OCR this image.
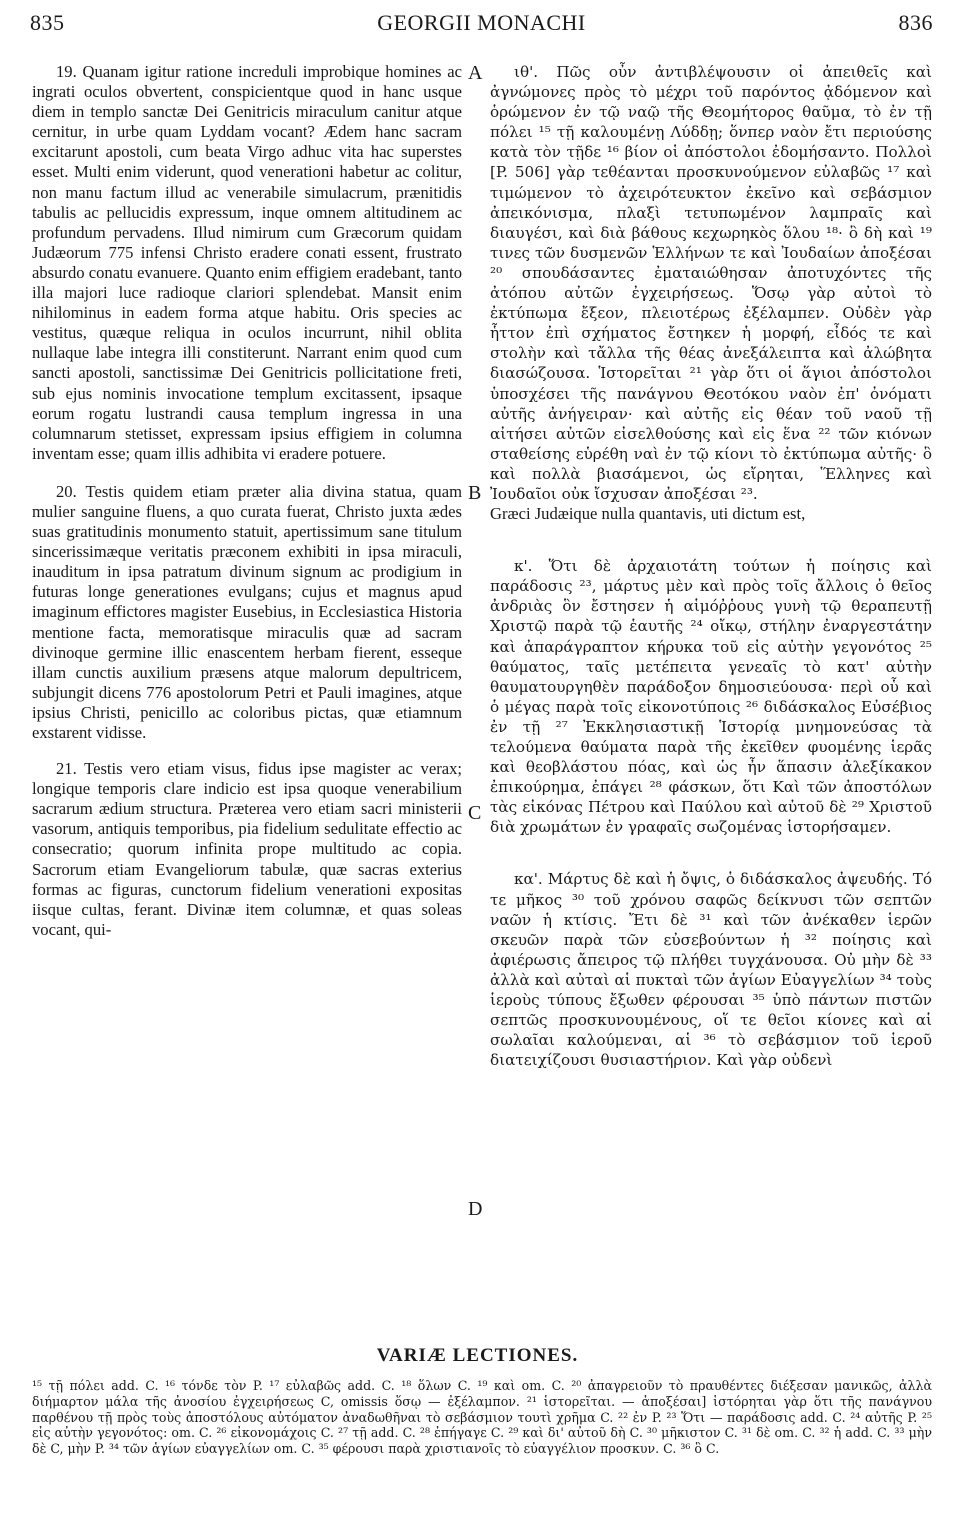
835	GEORGII MONACHI	836
A
B
C
D

19. Quanam igitur ratione increduli improbique homines ac ingrati oculos obvertent, conspicientque quod in hanc usque diem in templo sanctæ Dei Genitricis miraculum canitur atque cernitur, in urbe quam Lyddam vocant? Ædem hanc sacram excitarunt apostoli, cum beata Virgo adhuc vita hac superstes esset. Multi enim viderunt, quod venerationi habetur ac colitur, non manu factum illud ac venerabile simulacrum, prænitidis tabulis ac pellucidis expressum, inque omnem altitudinem ac profundum pervadens. Illud nimirum cum Græcorum quidam Judæorum 775 infensi Christo eradere conati essent, frustrato absurdo conatu evanuere. Quanto enim effigiem eradebant, tanto illa majori luce radioque clariori splendebat. Mansit enim nihilominus in eadem forma atque habitu. Oris species ac vestitus, quæque reliqua in oculos incurrunt, nihil oblita nullaque labe integra illi constiterunt. Narrant enim quod cum sancti apostoli, sanctissimæ Dei Genitricis pollicitatione freti, sub ejus nominis invocatione templum excitassent, ipsaque eorum rogatu lustrandi causa templum ingressa in una columnarum stetisset, expressam ipsius effigiem in columna inventam esse; quam illis adhibita vi eradere potuere.

20. Testis quidem etiam præter alia divina statua, quam mulier sanguine fluens, a quo curata fuerat, Christo juxta ædes suas gratitudinis monumento statuit, apertissimum sane titulum sincerissimæque veritatis præconem exhibiti in ipsa miraculi, inauditum in ipsa patratum divinum signum ac prodigium in futuras longe generationes evulgans; cujus et magnus apud imaginum effictores magister Eusebius, in Ecclesiastica Historia mentione facta, memoratisque miraculis quæ ad sacram divinoque germine illic enascentem herbam fierent, esseque illam cunctis auxilium præsens atque malorum depultricem, subjungit dicens 776 apostolorum Petri et Pauli imagines, atque ipsius Christi, penicillo ac coloribus pictas, quæ etiamnum exstarent vidisse.

21. Testis vero etiam visus, fidus ipse magister ac verax; longique temporis clare indicio est ipsa quoque venerabilium sacrarum ædium structura. Præterea vero etiam sacri ministerii vasorum, antiquis temporibus, pia fidelium sedulitate effectio ac consecratio; quorum infinita prope multitudo ac copia. Sacrorum etiam Evangeliorum tabulæ, quæ sacras exterius formas ac figuras, cunctorum fidelium venerationi expositas iisque cultas, ferant. Divinæ item columnæ, et quas soleas vocant, qui-

ιθ'. Πῶς οὖν ἀντιβλέψουσιν οἱ ἀπειθεῖς καὶ ἀγνώμονες πρὸς τὸ μέχρι τοῦ παρόντος ᾀδόμενον καὶ ὁρώμενον ἐν τῷ ναῷ τῆς Θεομήτορος θαῦμα, τὸ ἐν τῇ πόλει ¹⁵ τῇ καλουμένῃ Λύδδῃ; ὅνπερ ναὸν ἔτι περιούσης κατὰ τὸν τῇδε ¹⁶ βίον οἱ ἀπόστολοι ἐδομήσαντο. Πολλοὶ [P. 506] γὰρ τεθέανται προσκυνούμενον εὐλαβῶς ¹⁷ καὶ τιμώμενον τὸ ἀχειρότευκτον ἐκεῖνο καὶ σεβάσμιον ἀπεικόνισμα, πλαξὶ τετυπωμένον λαμπραῖς καὶ διαυγέσι, καὶ διὰ βάθους κεχωρηκὸς ὅλου ¹⁸· ὃ δὴ καὶ ¹⁹ τινες τῶν δυσμενῶν Ἑλλήνων τε καὶ Ἰουδαίων ἀποξέσαι ²⁰ σπουδάσαντες ἐματαιώθησαν ἀποτυχόντες τῆς ἀτόπου αὐτῶν ἐγχειρήσεως. Ὅσῳ γὰρ αὐτοὶ τὸ ἐκτύπωμα ἔξεον, πλειοτέρως ἐξέλαμπεν. Οὐδὲν γὰρ ἧττον ἐπὶ σχήματος ἔστηκεν ἡ μορφή, εἶδός τε καὶ στολὴν καὶ τἄλλα τῆς θέας ἀνεξάλειπτα καὶ ἀλώβητα διασώζουσα. Ἱστορεῖται ²¹ γὰρ ὅτι οἱ ἅγιοι ἀπόστολοι ὑποσχέσει τῆς πανάγνου Θεοτόκου ναὸν ἐπ' ὀνόματι αὐτῆς ἀνήγειραν· καὶ αὐτῆς εἰς θέαν τοῦ ναοῦ τῇ αἰτήσει αὐτῶν εἰσελθούσης καὶ εἰς ἕνα ²² τῶν κιόνων σταθείσης εὑρέθη ναὶ ἐν τῷ κίονι τὸ ἐκτύπωμα αὐτῆς· ὃ καὶ πολλὰ βιασάμενοι, ὡς εἴρηται, Ἕλληνες καὶ Ἰουδαῖοι οὐκ ἴσχυσαν ἀποξέσαι ²³.

Græci Judæique nulla quantavis, uti dictum est,

κ'. Ὅτι δὲ ἀρχαιοτάτη τούτων ἡ ποίησις καὶ παράδοσις ²³, μάρτυς μὲν καὶ πρὸς τοῖς ἄλλοις ὁ θεῖος ἀνδριὰς ὃν ἔστησεν ἡ αἱμόῤῥους γυνὴ τῷ θεραπευτῇ Χριστῷ παρὰ τῷ ἑαυτῆς ²⁴ οἴκῳ, στήλην ἐναργεστάτην καὶ ἀπαράγραπτον κήρυκα τοῦ εἰς αὐτὴν γεγονότος ²⁵ θαύματος, ταῖς μετέπειτα γενεαῖς τὸ κατ' αὐτὴν θαυματουργηθὲν παράδοξον δημοσιεύουσα· περὶ οὗ καὶ ὁ μέγας παρὰ τοῖς εἰκονοτύποις ²⁶ διδάσκαλος Εὐσέβιος ἐν τῇ ²⁷ Ἐκκλησιαστικῇ Ἱστορίᾳ μνημονεύσας τὰ τελούμενα θαύματα παρὰ τῆς ἐκεῖθεν φυομένης ἱερᾶς καὶ θεοβλάστου πόας, καὶ ὡς ἦν ἅπασιν ἀλεξίκακον ἐπικούρημα, ἐπάγει ²⁸ φάσκων, ὅτι Καὶ τῶν ἀποστόλων τὰς εἰκόνας Πέτρου καὶ Παύλου καὶ αὐτοῦ δὲ ²⁹ Χριστοῦ διὰ χρωμάτων ἐν γραφαῖς σωζομένας ἱστορήσαμεν.

κα'. Μάρτυς δὲ καὶ ἡ ὄψις, ὁ διδάσκαλος ἀψευδής. Τό τε μῆκος ³⁰ τοῦ χρόνου σαφῶς δείκνυσι τῶν σεπτῶν ναῶν ἡ κτίσις. Ἔτι δὲ ³¹ καὶ τῶν ἀνέκαθεν ἱερῶν σκευῶν παρὰ τῶν εὐσεβούντων ἡ ³² ποίησις καὶ ἀφιέρωσις ἄπειρος τῷ πλήθει τυγχάνουσα. Οὐ μὴν δὲ ³³ ἀλλὰ καὶ αὐταὶ αἱ πυκταὶ τῶν ἁγίων Εὐαγγελίων ³⁴ τοὺς ἱεροὺς τύπους ἔξωθεν φέρουσαι ³⁵ ὑπὸ πάντων πιστῶν σεπτῶς προσκυνουμένους, οἵ τε θεῖοι κίονες καὶ αἱ σωλαῖαι καλούμεναι, αἱ ³⁶ τὸ σεβάσμιον τοῦ ἱεροῦ διατειχίζουσι θυσιαστήριον. Καὶ γὰρ οὐδενὶ

VARIÆ LECTIONES.

¹⁵ τῇ πόλει add. C. ¹⁶ τόνδε τὸν P. ¹⁷ εὐλαβῶς add. C. ¹⁸ ὅλων C. ¹⁹ καὶ om. C. ²⁰ ἀπαγρειοῦν τὸ πραυθέντες διέξεσαν μανικῶς, ἀλλὰ διήμαρτον μάλα τῆς ἀνοσίου ἐγχειρήσεως C, omissis ὅσῳ — ἐξέλαμπον. ²¹ ἱστορεῖται. — ἀποξέσαι] ἱστόρηται γὰρ ὅτι τῆς πανάγνου παρθένου τῇ πρὸς τοὺς ἀποστόλους αὐτόματον ἀναδωθῆναι τὸ σεβάσμιον τουτὶ χρῆμα C. ²² ἐν P. ²³ Ὅτι — παράδοσις add. C. ²⁴ αὐτῆς P. ²⁵ εἰς αὐτὴν γεγονότος: om. C. ²⁶ εἰκονομάχοις C. ²⁷ τῇ add. C. ²⁸ ἐπήγαγε C. ²⁹ καὶ δι' αὐτοῦ δὴ C. ³⁰ μῆκιστον C. ³¹ δὲ om. C. ³² ἡ add. C. ³³ μὴν δὲ C, μὴν P. ³⁴ τῶν ἁγίων εὐαγγελίων om. C. ³⁵ φέρουσι παρὰ χριστιανοῖς τὸ εὐαγγέλιον προσκυν. C. ³⁶ ὃ C.
